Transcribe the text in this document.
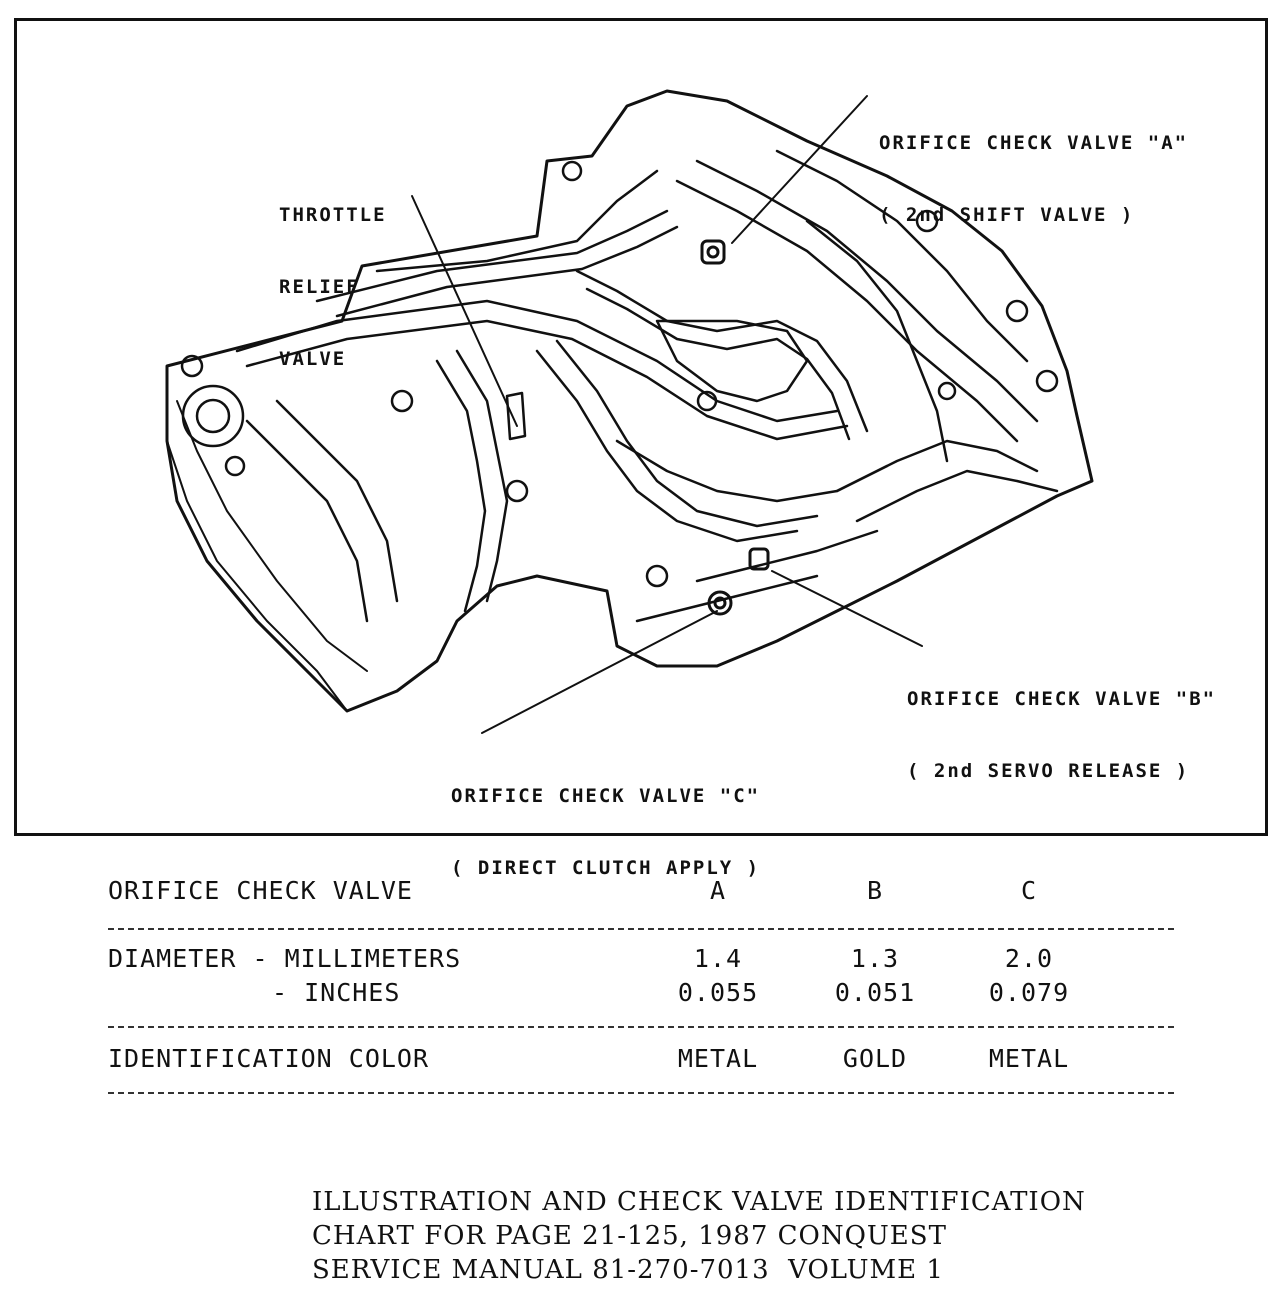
THROTTLE

RELIEF

VALVE

ORIFICE CHECK VALVE "A"

( 2nd SHIFT VALVE )

ORIFICE CHECK VALVE "B"

( 2nd SERVO RELEASE )

ORIFICE CHECK VALVE "C"

( DIRECT CLUTCH APPLY )

ORIFICE CHECK VALVE	A	B	C
DIAMETER - MILLIMETERS	1.4	1.3	2.0
- INCHES	0.055	0.051	0.079
IDENTIFICATION COLOR	METAL	GOLD	METAL
ILLUSTRATION AND CHECK VALVE IDENTIFICATION
CHART FOR PAGE 21-125, 1987 CONQUEST
SERVICE MANUAL 81-270-7013  VOLUME 1
